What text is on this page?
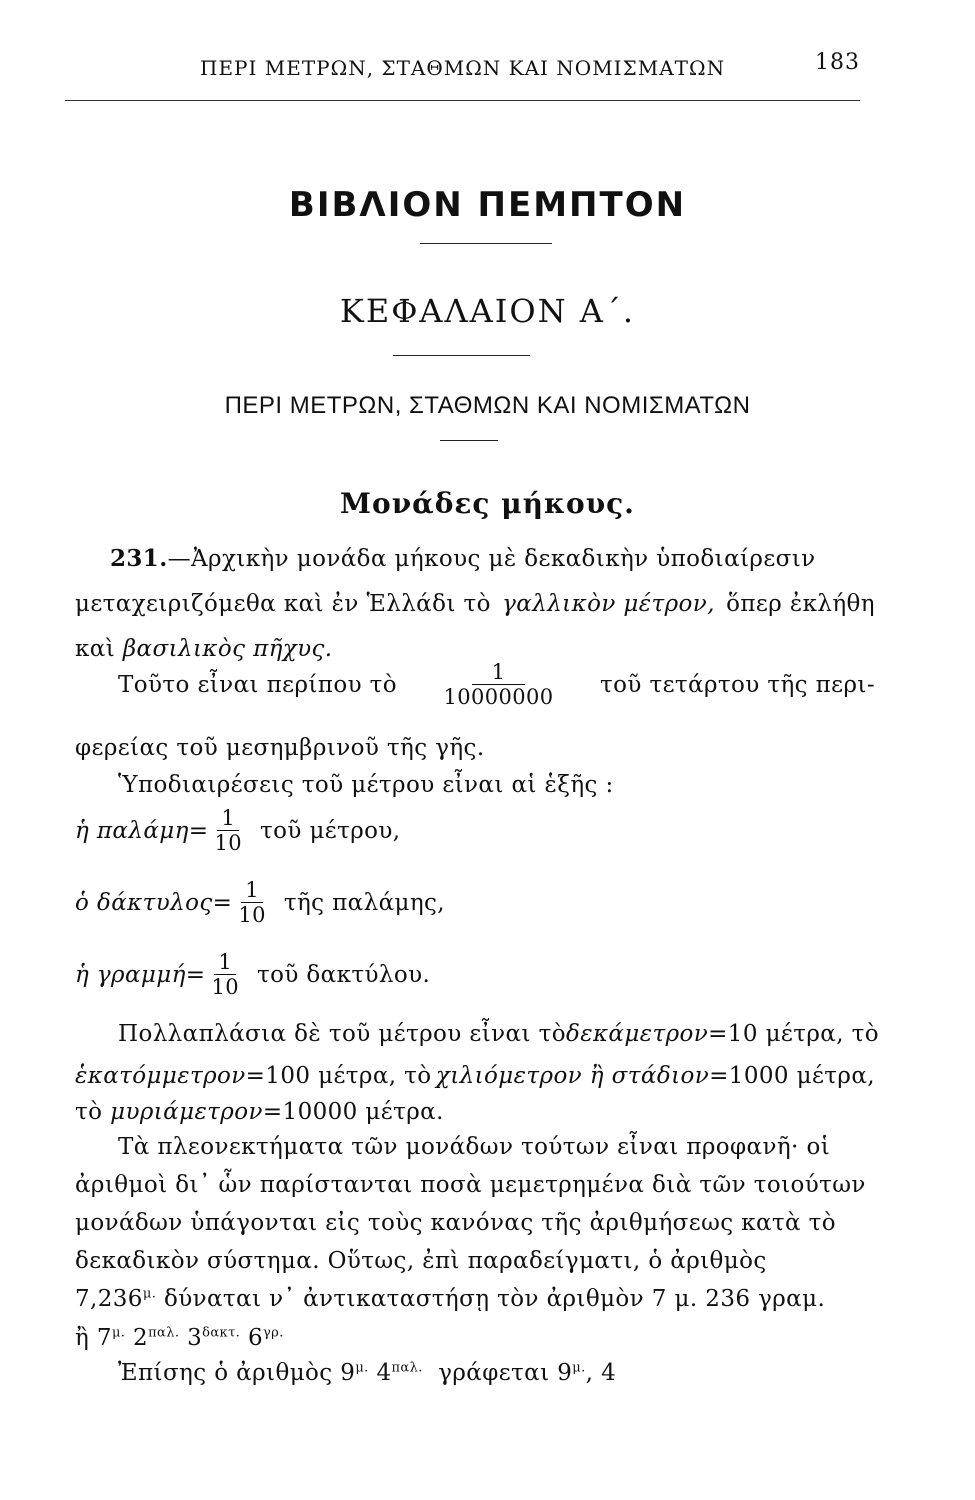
ΠΕΡΙ ΜΕΤΡΩΝ, ΣΤΑΘΜΩΝ ΚΑΙ ΝΟΜΙΣΜΑΤΩΝ	183
ΒΙΒΛΙΟΝ ΠΕΜΠΤΟΝ
ΚΕΦΑΛΑΙΟΝ Α΄.
ΠΕΡΙ ΜΕΤΡΩΝ, ΣΤΑΘΜΩΝ ΚΑΙ ΝΟΜΙΣΜΑΤΩΝ
Μονάδες μήκους.
231.—Ἀρχικὴν μονάδα μήκους μὲ δεκαδικὴν ὑποδιαίρεσιν
μεταχειριζόμεθα καὶ ἐν Ἑλλάδι τὸ γαλλικὸν μέτρον, ὅπερ ἐκλήθη
καὶ βασιλικὸς πῆχυς.
Τοῦτο εἶναι περίπου τὸ $\frac{1}{10000000}$ τοῦ τετάρτου τῆς περι-
φερείας τοῦ μεσημβρινοῦ τῆς γῆς.
Ὑποδιαιρέσεις τοῦ μέτρου εἶναι αἱ ἑξῆς :
ἡ $\pi\alpha\lambda ά\mu\eta= \frac{1}{10}$ τοῦ μέτρου,
ὁ $\delta ά\kappa\tau\upsilon\lambda o\varsigma= \frac{1}{10}$ τῆς παλάμης,
ἡ $\gamma\rho\alpha\mu\mu ή= \frac{1}{10}$ τοῦ δακτύλου.
Πολλαπλάσια δὲ τοῦ μέτρου εἶναι τὸ δεκάμετρον=10 μέτρα, τὸ
ἑκατόμμετρον=100 μέτρα, τὸ χιλιόμετρον ἢ στάδιον=1000 μέτρα,
τὸ μυριάμετρον=10000 μέτρα.
Τὰ πλεονεκτήματα τῶν μονάδων τούτων εἶναι προφανῆ· οἱ
ἀριθμοὶ δι᾽ ὧν παρίστανται ποσὰ μεμετρημένα διὰ τῶν τοιούτων
μονάδων ὑπάγονται εἰς τοὺς κανόνας τῆς ἀριθμήσεως κατὰ τὸ
δεκαδικὸν σύστημα. Οὕτως, ἐπὶ παραδείγματι, ὁ ἀριθμὸς
$7,236^{\mu.}$ δύναται ν᾽ ἀντικαταστήσῃ τὸν ἀριθμὸν 7 μ. 236 γραμ.
ἢ $7^{\mu.}$ $2^{\pi\alpha\lambda.}$ $3^{\delta\alpha\kappa\tau.}$ $6^{\gamma\rho.}$
Ἐπίσης ὁ ἀριθμὸς $9^{\mu.}$ $4^{\pi\alpha\lambda.}$ γράφεται $9^{\mu.}$, 4
